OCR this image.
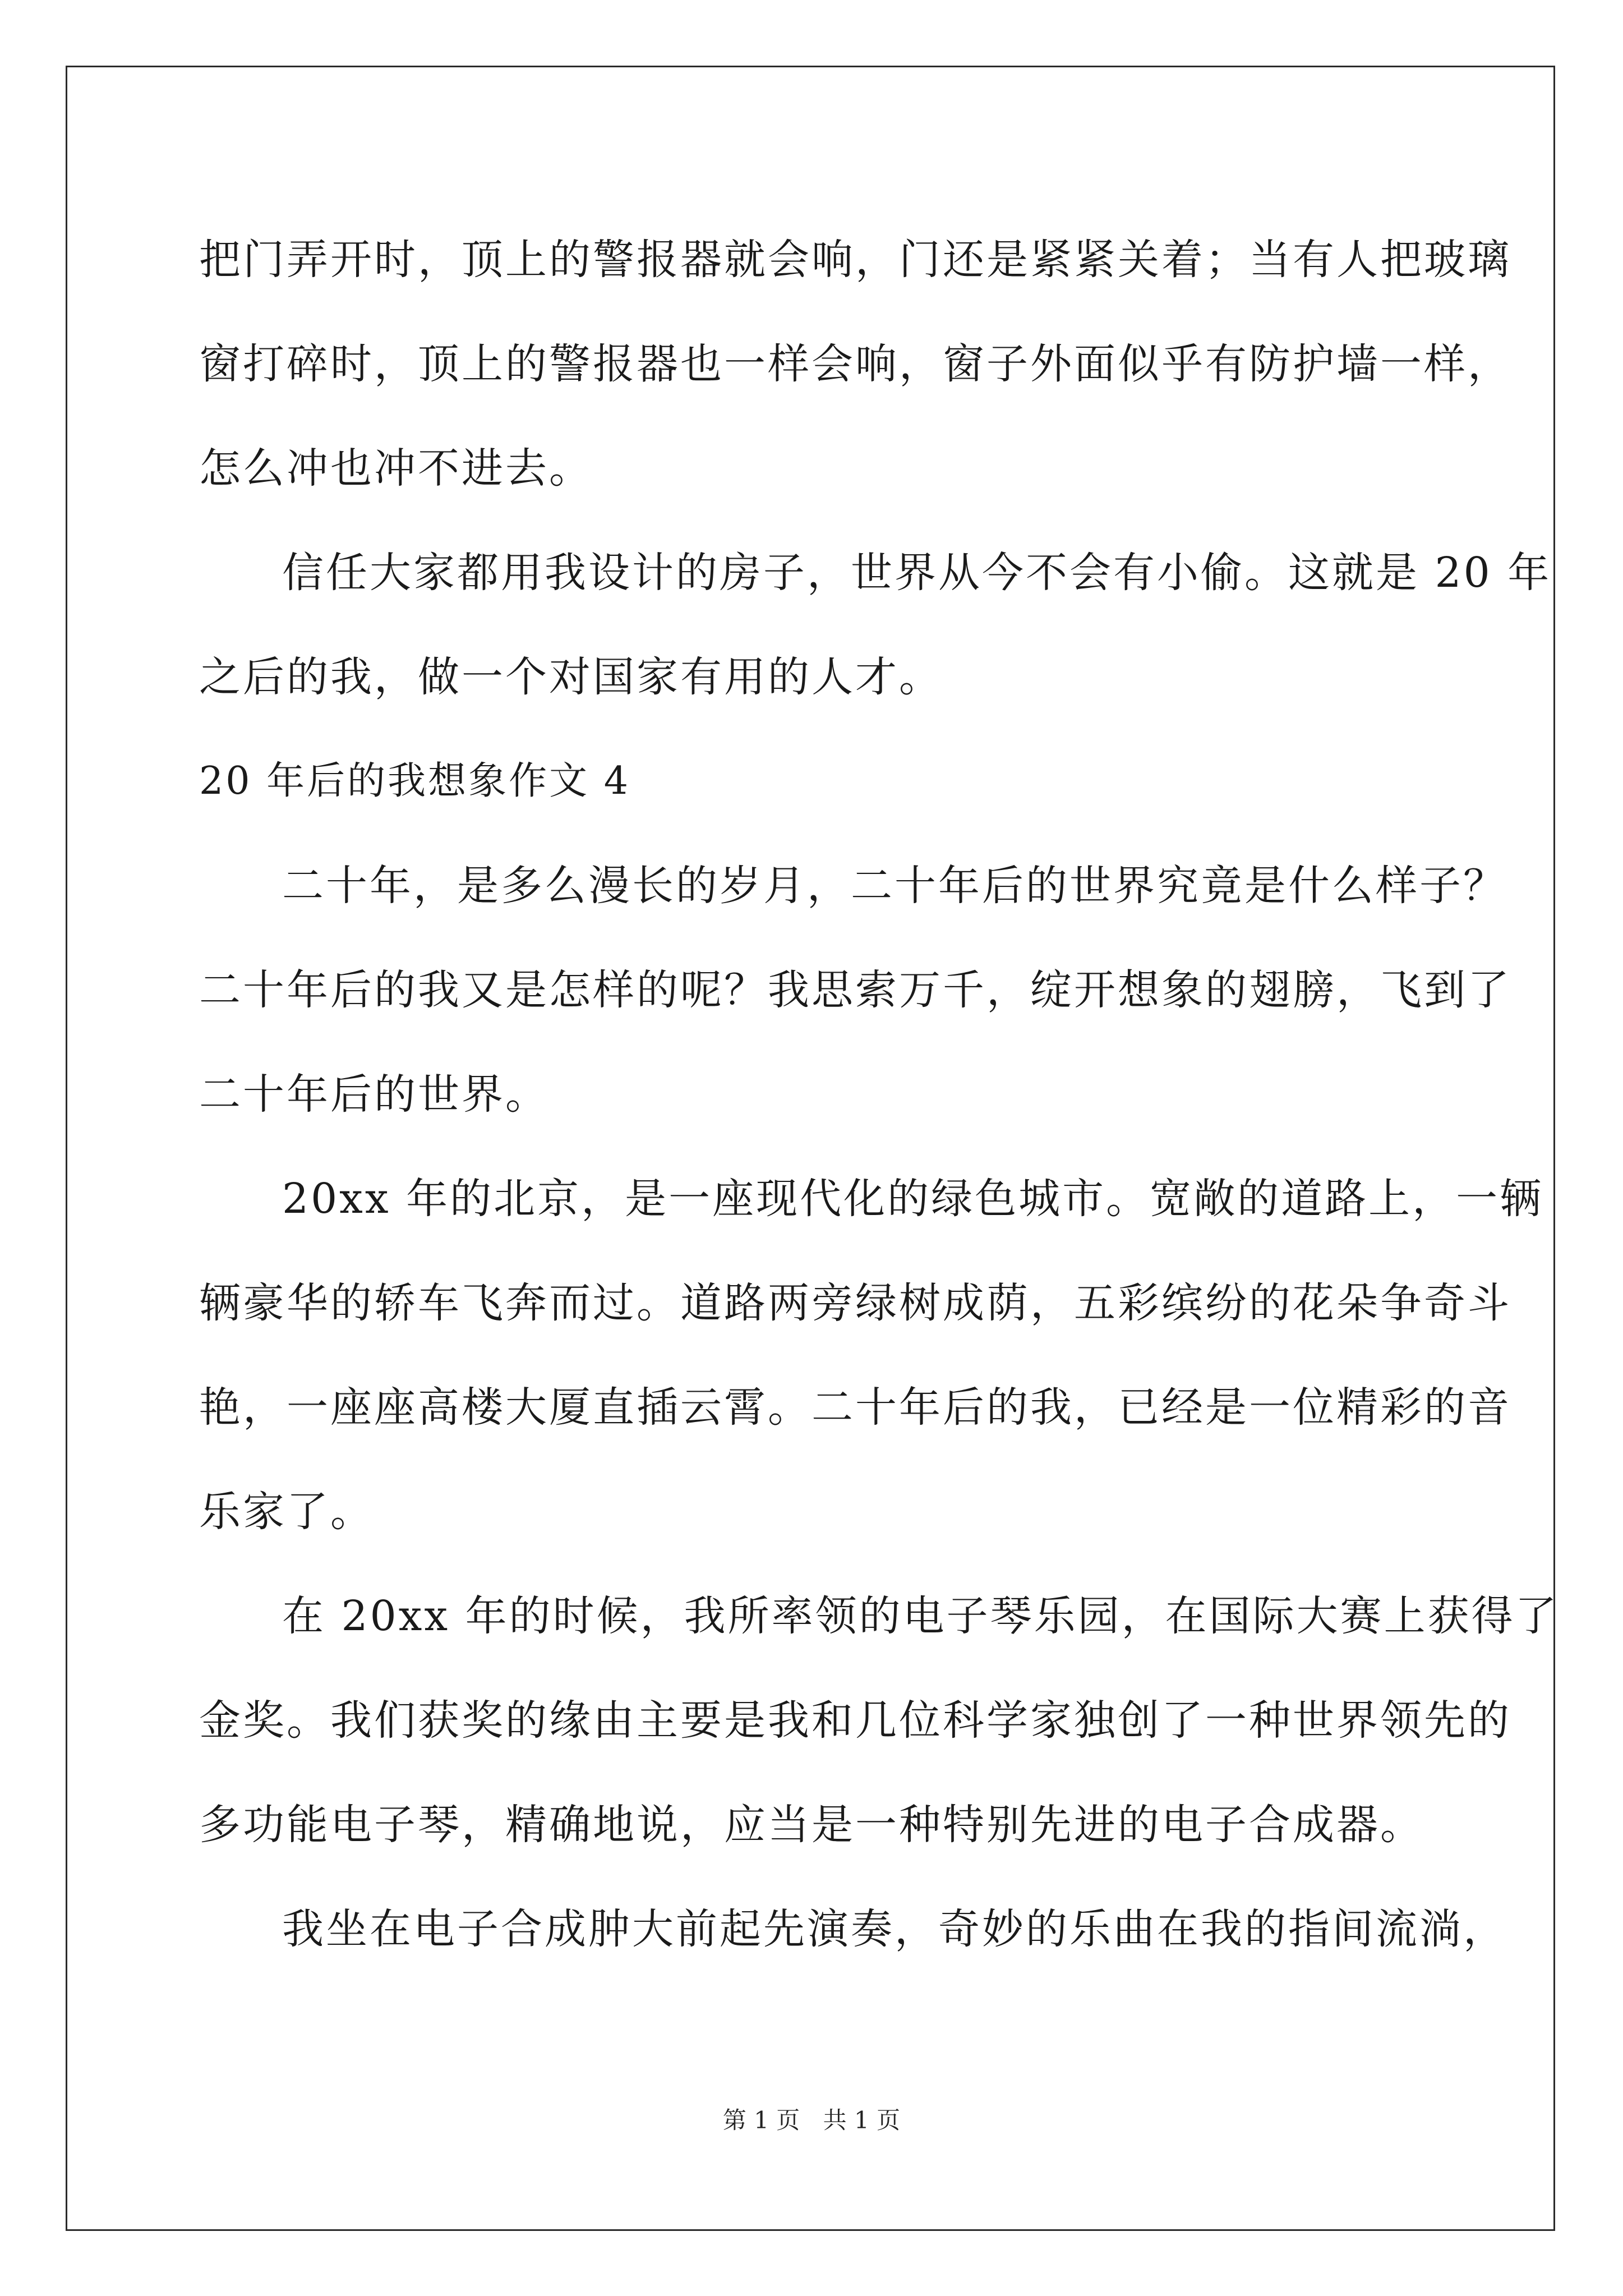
把门弄开时，顶上的警报器就会响，门还是紧紧关着；当有人把玻璃
窗打碎时，顶上的警报器也一样会响，窗子外面似乎有防护墙一样，
怎么冲也冲不进去。
信任大家都用我设计的房子，世界从今不会有小偷。这就是 20 年
之后的我，做一个对国家有用的人才。
20 年后的我想象作文 4
二十年，是多么漫长的岁月，二十年后的世界究竟是什么样子？
二十年后的我又是怎样的呢？我思索万千，绽开想象的翅膀，飞到了
二十年后的世界。
20xx 年的北京，是一座现代化的绿色城市。宽敞的道路上，一辆
辆豪华的轿车飞奔而过。道路两旁绿树成荫，五彩缤纷的花朵争奇斗
艳，一座座高楼大厦直插云霄。二十年后的我，已经是一位精彩的音
乐家了。
在 20xx 年的时候，我所率领的电子琴乐园，在国际大赛上获得了
金奖。我们获奖的缘由主要是我和几位科学家独创了一种世界领先的
多功能电子琴，精确地说，应当是一种特别先进的电子合成器。
我坐在电子合成肿大前起先演奏，奇妙的乐曲在我的指间流淌，
第 1 页 共 1 页
